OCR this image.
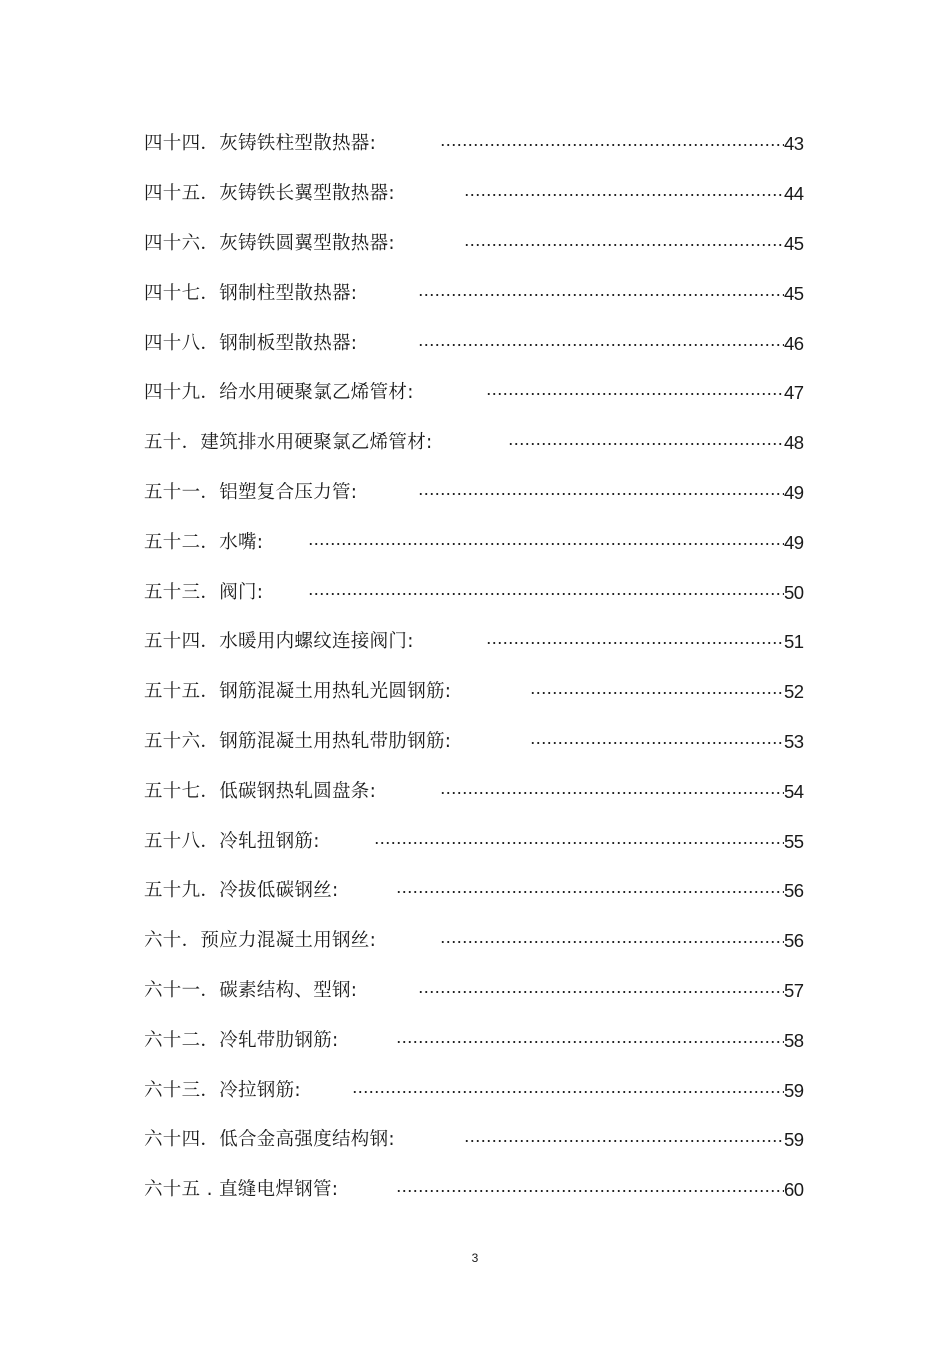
四十四．灰铸铁柱型散热器:	43
四十五．灰铸铁长翼型散热器:	44
四十六．灰铸铁圆翼型散热器:	45
四十七．钢制柱型散热器:	45
四十八．钢制板型散热器:	46
四十九．给水用硬聚氯乙烯管材:	47
五十．建筑排水用硬聚氯乙烯管材:	48
五十一．铝塑复合压力管:	49
五十二．水嘴:	49
五十三．阀门:	50
五十四．水暖用内螺纹连接阀门:	51
五十五．钢筋混凝土用热轧光圆钢筋:	52
五十六．钢筋混凝土用热轧带肋钢筋:	53
五十七．低碳钢热轧圆盘条:	54
五十八．冷轧扭钢筋:	55
五十九．冷拔低碳钢丝:	56
六十．预应力混凝土用钢丝:	56
六十一．碳素结构、型钢:	57
六十二．冷轧带肋钢筋:	58
六十三．冷拉钢筋:	59
六十四．低合金高强度结构钢:	59
六十五 . 直缝电焊钢管:	60
3
